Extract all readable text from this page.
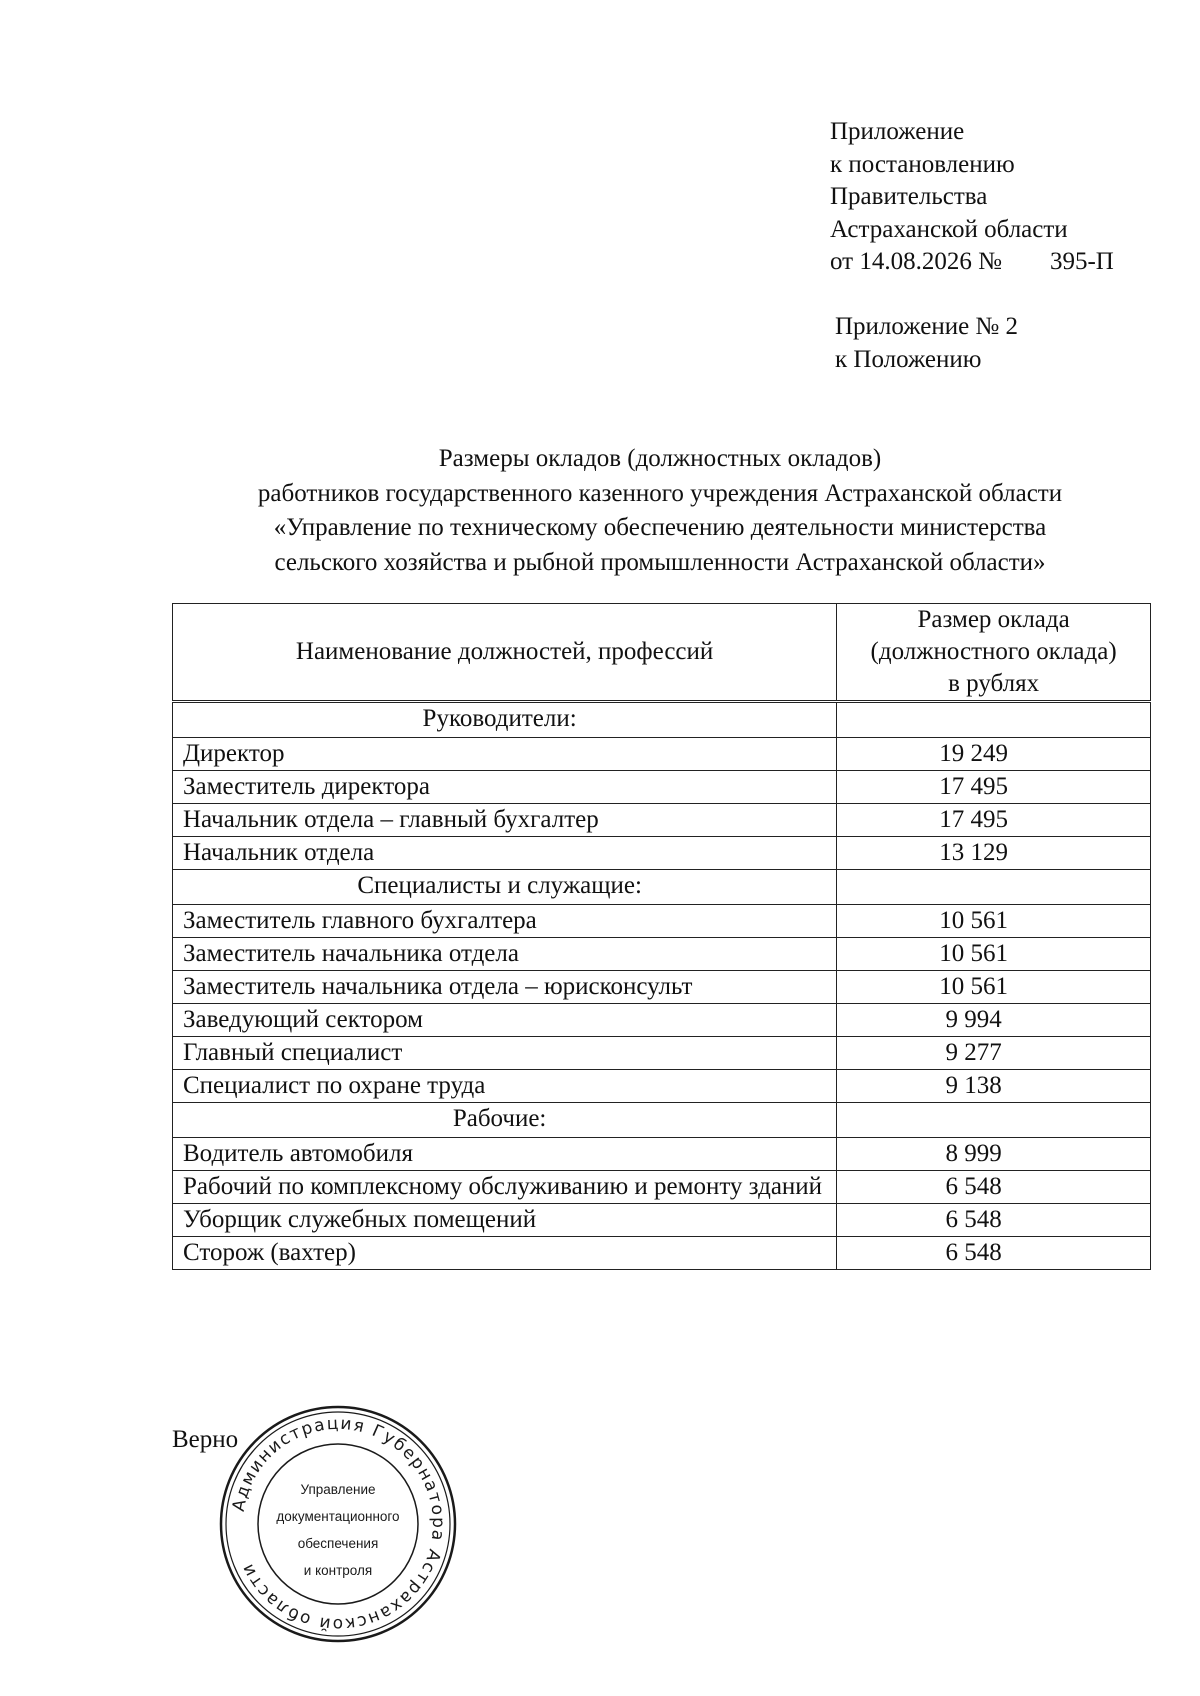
Приложение
к постановлению
Правительства
Астраханской области
от 14.08.2026 № 395-П
Приложение № 2
к Положению
Размеры окладов (должностных окладов)
работников государственного казенного учреждения Астраханской области
«Управление по техническому обеспечению деятельности министерства
сельского хозяйства и рыбной промышленности Астраханской области»
Наименование должностей, профессий	Размер оклада
(должностного оклада)
в рублях

Руководители:	
Директор	19 249
Заместитель директора	17 495
Начальник отдела – главный бухгалтер	17 495
Начальник отдела	13 129
Специалисты и служащие:	
Заместитель главного бухгалтера	10 561
Заместитель начальника отдела	10 561
Заместитель начальника отдела – юрисконсульт	10 561
Заведующий сектором	9 994
Главный специалист	9 277
Специалист по охране труда	9 138
Рабочие:	
Водитель автомобиля	8 999
Рабочий по комплексному обслуживанию и ремонту зданий	6 548
Уборщик служебных помещений	6 548
Сторож (вахтер)	6 548
Верно
Администрация Губернатора Астраханской области
Управление
документационного
обеспечения
и контроля
